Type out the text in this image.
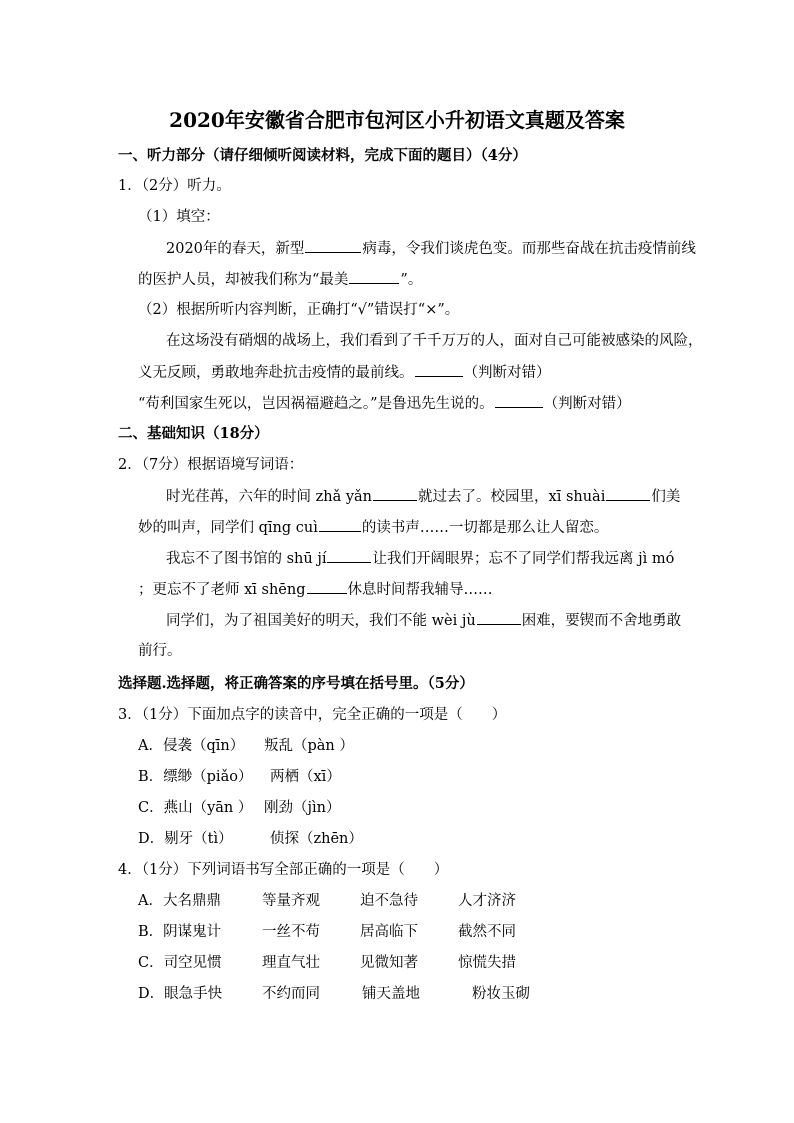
2020年安徽省合肥市包河区小升初语文真题及答案
一、听力部分（请仔细倾听阅读材料，完成下面的题目）（4分）
1．（2分）听力。
（1）填空：
2020年的春天，新型	病毒，令我们谈虎色变。而那些奋战在抗击疫情前线
的医护人员，却被我们称为“最美	”。
（2）根据所听内容判断，正确打“√”错误打“×”。
在这场没有硝烟的战场上，我们看到了千千万万的人，面对自己可能被感染的风险，
义无反顾，勇敢地奔赴抗击疫情的最前线。	（判断对错）
“苟利国家生死以，岂因祸福避趋之。”是鲁迅先生说的。	（判断对错）
二、基础知识（18分）
2．（7分）根据语境写词语：
时光荏苒，六年的时间 zhǎ yǎn	就过去了。校园里，xī shuài	们美
妙的叫声，同学们 qīng cuì	的读书声……一切都是那么让人留恋。
我忘不了图书馆的 shū jí	让我们开阔眼界；忘不了同学们帮我远离 jì mó
；更忘不了老师 xī shēng	休息时间帮我辅导……
同学们，为了祖国美好的明天，我们不能 wèi jù	困难，要锲而不舍地勇敢
前行。
选择题.选择题，将正确答案的序号填在括号里。（5分）
3．（1分）下面加点字的读音中，完全正确的一项是（　　）
A．侵袭（qīn） 叛乱（pàn ）
B．缥缈（piǎo） 两栖（xī）
C．燕山（yān ） 刚劲（jìn）
D．剔牙（tì）	侦探（zhēn）
4．（1分）下列词语书写全部正确的一项是（　　）
A．大名鼎鼎	等量齐观	迫不急待	人才济济
B．阴谋鬼计	一丝不苟	居高临下	截然不同
C．司空见惯	理直气壮	见微知著	惊慌失措
D．眼急手快	不约而同	铺天盖地	粉妆玉砌
